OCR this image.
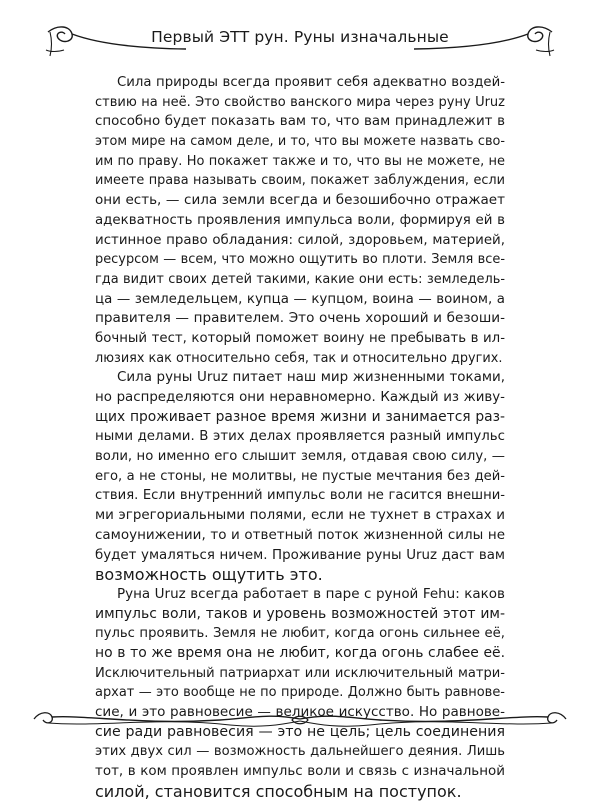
Первый ЭТТ рун. Руны изначальные

Сила природы всегда проявит себя адекватно воздей-
ствию на неё. Это свойство ванского мира через руну Uruz
способно будет показать вам то, что вам принадлежит в
этом мире на самом деле, и то, что вы можете назвать сво-
им по праву. Но покажет также и то, что вы не можете, не
имеете права называть своим, покажет заблуждения, если
они есть, — сила земли всегда и безошибочно отражает
адекватность проявления импульса воли, формируя ей в
истинное право обладания: силой, здоровьем, материей,
ресурсом — всем, что можно ощутить во плоти. Земля все-
гда видит своих детей такими, какие они есть: земледель-
ца — земледельцем, купца — купцом, воина — воином, а
правителя — правителем. Это очень хороший и безоши-
бочный тест, который поможет воину не пребывать в ил-
люзиях как относительно себя, так и относительно других.

Сила руны Uruz питает наш мир жизненными токами,
но распределяются они неравномерно. Каждый из живу-
щих проживает разное время жизни и занимается раз-
ными делами. В этих делах проявляется разный импульс
воли, но именно его слышит земля, отдавая свою силу, —
его, а не стоны, не молитвы, не пустые мечтания без дей-
ствия. Если внутренний импульс воли не гасится внешни-
ми эгрегориальными полями, если не тухнет в страхах и
самоунижении, то и ответный поток жизненной силы не
будет умаляться ничем. Проживание руны Uruz даст вам
возможность ощутить это.

Руна Uruz всегда работает в паре с руной Fehu: каков
импульс воли, таков и уровень возможностей этот им-
пульс проявить. Земля не любит, когда огонь сильнее её,
но в то же время она не любит, когда огонь слабее её.
Исключительный патриархат или исключительный матри-
архат — это вообще не по природе. Должно быть равнове-
сие, и это равновесие — великое искусство. Но равнове-
сие ради равновесия — это не цель; цель соединения
этих двух сил — возможность дальнейшего деяния. Лишь
тот, в ком проявлен импульс воли и связь с изначальной
силой, становится способным на поступок.
